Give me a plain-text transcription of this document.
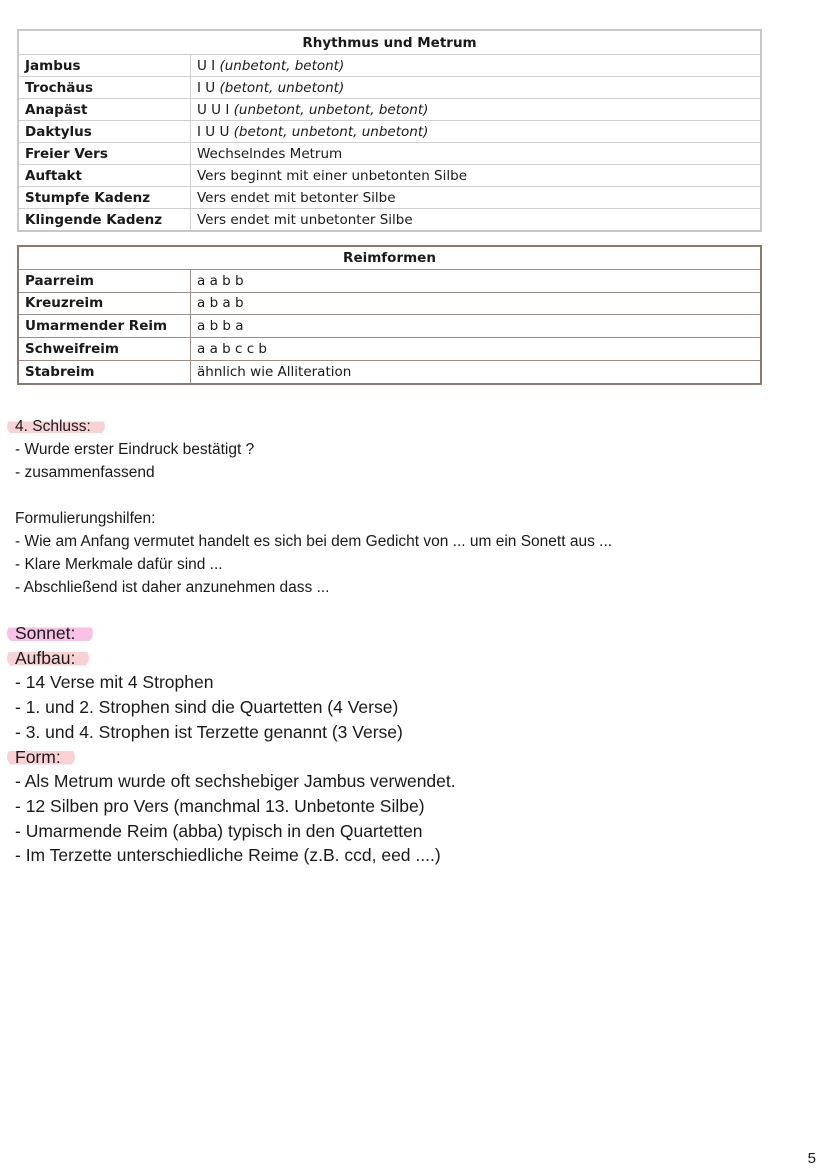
Rhythmus und Metrum	
Jambus	U I (unbetont, betont)
Trochäus	I U (betont, unbetont)
Anapäst	U U I (unbetont, unbetont, betont)
Daktylus	I U U (betont, unbetont, unbetont)
Freier Vers	Wechselndes Metrum
Auftakt	Vers beginnt mit einer unbetonten Silbe
Stumpfe Kadenz	Vers endet mit betonter Silbe
Klingende Kadenz	Vers endet mit unbetonter Silbe
Reimformen	
Paarreim	a a b b
Kreuzreim	a b a b
Umarmender Reim	a b b a
Schweifreim	a a b c c b
Stabreim	ähnlich wie Alliteration
4. Schluss:
- Wurde erster Eindruck bestätigt ?
- zusammenfassend
Formulierungshilfen:
- Wie am Anfang vermutet handelt es sich bei dem Gedicht von ... um ein Sonett aus ...
- Klare Merkmale dafür sind ...
- Abschließend ist daher anzunehmen dass ...
Sonnet:
Aufbau:
- 14 Verse mit 4 Strophen
- 1. und 2. Strophen sind die Quartetten (4 Verse)
- 3. und 4. Strophen ist Terzette genannt (3 Verse)
Form:
- Als Metrum wurde oft sechshebiger Jambus verwendet.
- 12 Silben pro Vers (manchmal 13. Unbetonte Silbe)
- Umarmende Reim (abba) typisch in den Quartetten
- Im Terzette unterschiedliche Reime (z.B. ccd, eed ....)
5
